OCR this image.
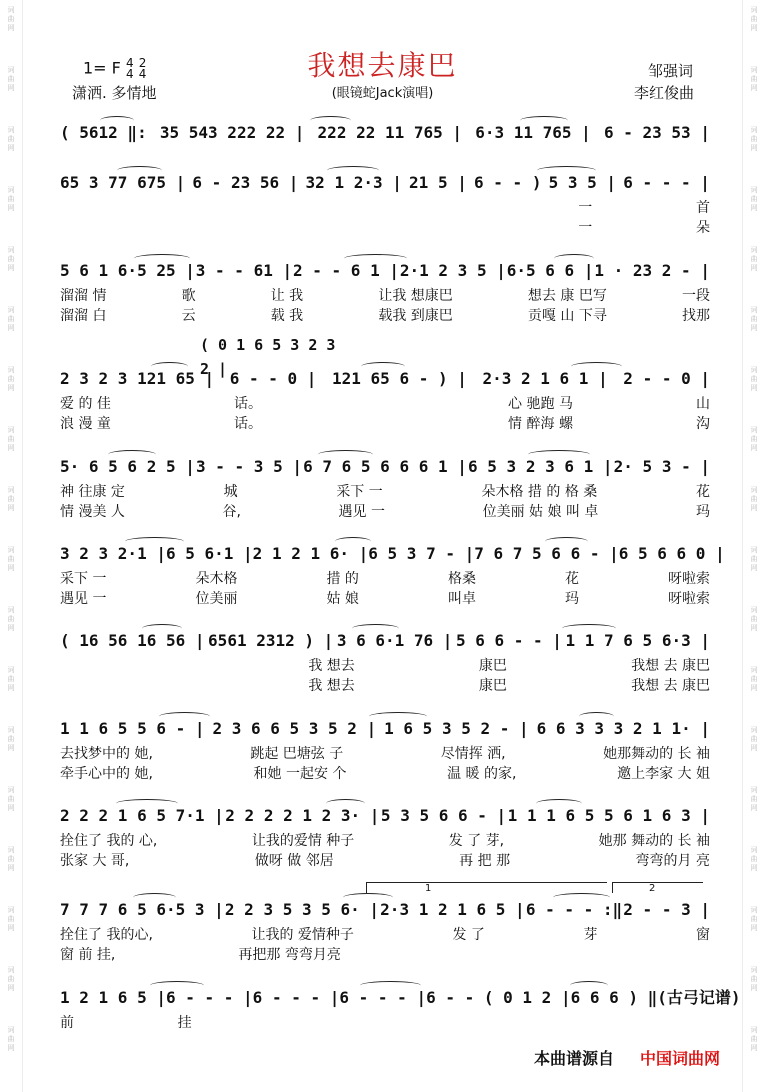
词
曲
网
词
曲
网
词
曲
网
词
曲
网
词
曲
网
词
曲
网
词
曲
网
词
曲
网
词
曲
网
词
曲
网
词
曲
网
词
曲
网
词
曲
网
词
曲
网
词
曲
网
词
曲
网
词
曲
网
词
曲
网
词
曲
网
词
曲
网
词
曲
网
词
曲
网
词
曲
网
词
曲
网
词
曲
网
词
曲
网
词
曲
网
词
曲
网
词
曲
网
词
曲
网
词
曲
网
词
曲
网
词
曲
网
词
曲
网
词
曲
网
词
曲
网
我想去康巴
1= F 4
4 2
4
潇洒. 多情地	(眼镜蛇Jack演唱)
邹强词
李红俊曲
( 5612 ‖: 35 543 222 22 | 222 22 11 765 | 6·3 11 765 | 6 - 23 53 |
65 3 77 675 | 6 - 23 56 | 32 1 2·3 | 21 5 | 6 - - ) 5 3 5 | 6 - - - |
一	首
一	朵
5 6 1 6·5 25 | 3 - - 61 | 2 - - 6 1 | 2·1 2 3 5 | 6·5 6 6 | 1 · 23 2 - |
溜溜 情	歌	让 我	让我 想康巴	想去 康 巴写	一段
溜溜 白	云	载 我	载我 到康巴	贡嘎 山 下寻	找那
2 3 2 3 121 65 | 6 - - 0 | 121 65 6 - ) | 2·3 2 1 6 1 | 2 - - 0 |
爱 的 佳	话。	心 驰跑 马	山
浪 漫 童	话。	情 醉海 螺	沟
5· 6 5 6 2 5 | 3 - - 3 5 | 6 7 6 5 6 6 6 1 | 6 5 3 2 3 6 1 | 2· 5 3 - |
神 往康 定	城	采下 一	朵木格 措 的 格 桑	花
情 漫美 人	谷,	遇见 一	位美丽 姑 娘 叫 卓	玛
3 2 3 2·1 | 6 5 6·1 | 2 1 2 1 6· | 6 5 3 7 - | 7 6 7 5 6 6 - | 6 5 6 6 0 |
采下 一	朵木格	措 的	格桑	花	呀啦索
遇见 一	位美丽	姑 娘	叫卓	玛	呀啦索
( 16 56 16 56 | 6561 2312 ) | 3 6 6·1 76 | 5 6 6 - - | 1 1 7 6 5 6·3 |
我 想去	康巴	我想 去 康巴
我 想去	康巴	我想 去 康巴
1 1 6 5 5 6 - | 2 3 6 6 5 3 5 2 | 1 6 5 3 5 2 - | 6 6 3 3 3 2 1 1· |
去找梦中的 她,	跳起 巴塘弦 子	尽情挥 洒,	她那舞动的 长 袖
牵手心中的 她,	和她 一起安 个	温 暖 的家,	邀上李家 大 姐
2 2 2 1 6 5 7·1 | 2 2 2 2 1 2 3· | 5 3 5 6 6 - | 1 1 1 6 5 5 6 1 6 3 |
拴住了 我的 心,	让我的爱情 种子	发 了 芽,	她那 舞动的 长 袖
张家 大 哥,	做呀 做 邻居	再 把 那	弯弯的月 亮
7 7 7 6 5 6·5 3 | 2 2 3 5 3 5 6· | 2·3 1 2 1 6 5 | 6 - - - :‖ 2 - - 3 |
拴住了 我的心,	让我的 爱情种子	发 了	芽	窗
窗 前 挂,	再把那 弯弯月亮
1 2 1 6 5 | 6 - - - | 6 - - - | 6 - - - | 6 - - ( 0 1 2 | 6 6 6 ) ‖ (古弓记谱)
前	挂
( 0 1 6 5 3 2 3 2 |
1	2
本曲谱源自 中国词曲网
